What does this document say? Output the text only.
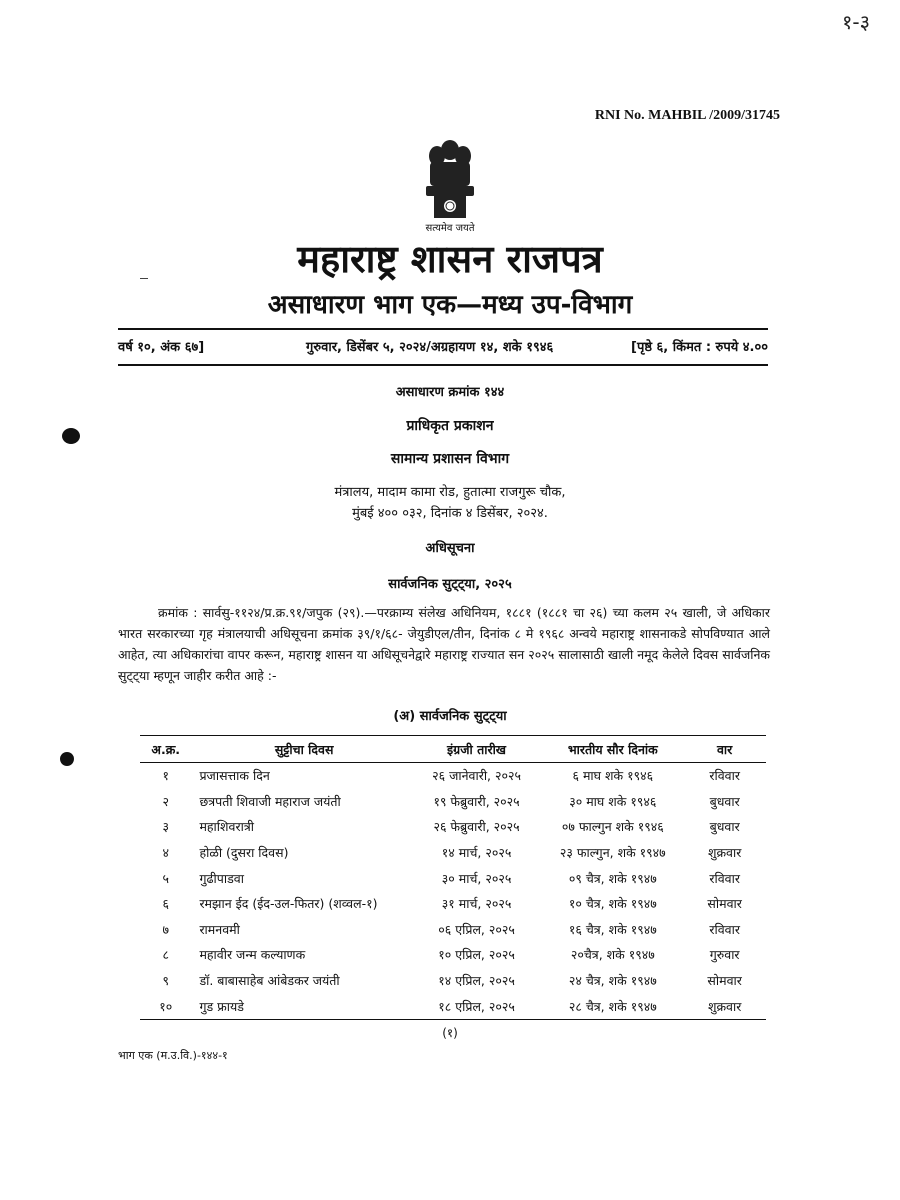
१-३
RNI No. MAHBIL /2009/31745
सत्यमेव जयते
महाराष्ट्र शासन राजपत्र
असाधारण भाग एक—मध्य उप-विभाग
वर्ष १०, अंक ६७]	गुरुवार, डिसेंबर ५, २०२४/अग्रहायण १४, शके १९४६	[पृष्ठे ६, किंमत : रुपये ४.००
असाधारण क्रमांक १४४
प्राधिकृत प्रकाशन
सामान्य प्रशासन विभाग
मंत्रालय, मादाम कामा रोड, हुतात्मा राजगुरू चौक,
मुंबई ४०० ०३२, दिनांक ४ डिसेंबर, २०२४.
अधिसूचना
सार्वजनिक सुट्ट्या, २०२५
क्रमांक : सार्वसु-११२४/प्र.क्र.९१/जपुक (२९).—परक्राम्य संलेख अधिनियम, १८८१ (१८८१ चा २६) च्या कलम २५ खाली, जे अधिकार भारत सरकारच्या गृह मंत्रालयाची अधिसूचना क्रमांक ३९/१/६८- जेयुडीएल/तीन, दिनांक ८ मे १९६८ अन्वये महाराष्ट्र शासनाकडे सोपविण्यात आले आहेत, त्या अधिकारांचा वापर करून, महाराष्ट्र शासन या अधिसूचनेद्वारे महाराष्ट्र राज्यात सन २०२५ सालासाठी खाली नमूद केलेले दिवस सार्वजनिक सुट्ट्या म्हणून जाहीर करीत आहे :-
(अ) सार्वजनिक सुट्ट्या
अ.क्र.	सुट्टीचा दिवस	इंग्रजी तारीख	भारतीय सौर दिनांक	वार
१	प्रजासत्ताक दिन	२६ जानेवारी, २०२५	६ माघ शके १९४६	रविवार
२	छत्रपती शिवाजी महाराज जयंती	१९ फेब्रुवारी, २०२५	३० माघ शके १९४६	बुधवार
३	महाशिवरात्री	२६ फेब्रुवारी, २०२५	०७ फाल्गुन शके १९४६	बुधवार
४	होळी (दुसरा दिवस)	१४ मार्च, २०२५	२३ फाल्गुन, शके १९४७	शुक्रवार
५	गुढीपाडवा	३० मार्च, २०२५	०९ चैत्र, शके १९४७	रविवार
६	रमझान ईद (ईद-उल-फितर) (शव्वल-१)	३१ मार्च, २०२५	१० चैत्र, शके १९४७	सोमवार
७	रामनवमी	०६ एप्रिल, २०२५	१६ चैत्र, शके १९४७	रविवार
८	महावीर जन्म कल्याणक	१० एप्रिल, २०२५	२०चैत्र, शके १९४७	गुरुवार
९	डॉ. बाबासाहेब आंबेडकर जयंती	१४ एप्रिल, २०२५	२४ चैत्र, शके १९४७	सोमवार
१०	गुड फ्रायडे	१८ एप्रिल, २०२५	२८ चैत्र, शके १९४७	शुक्रवार
(१)
भाग एक (म.उ.वि.)-१४४-१
